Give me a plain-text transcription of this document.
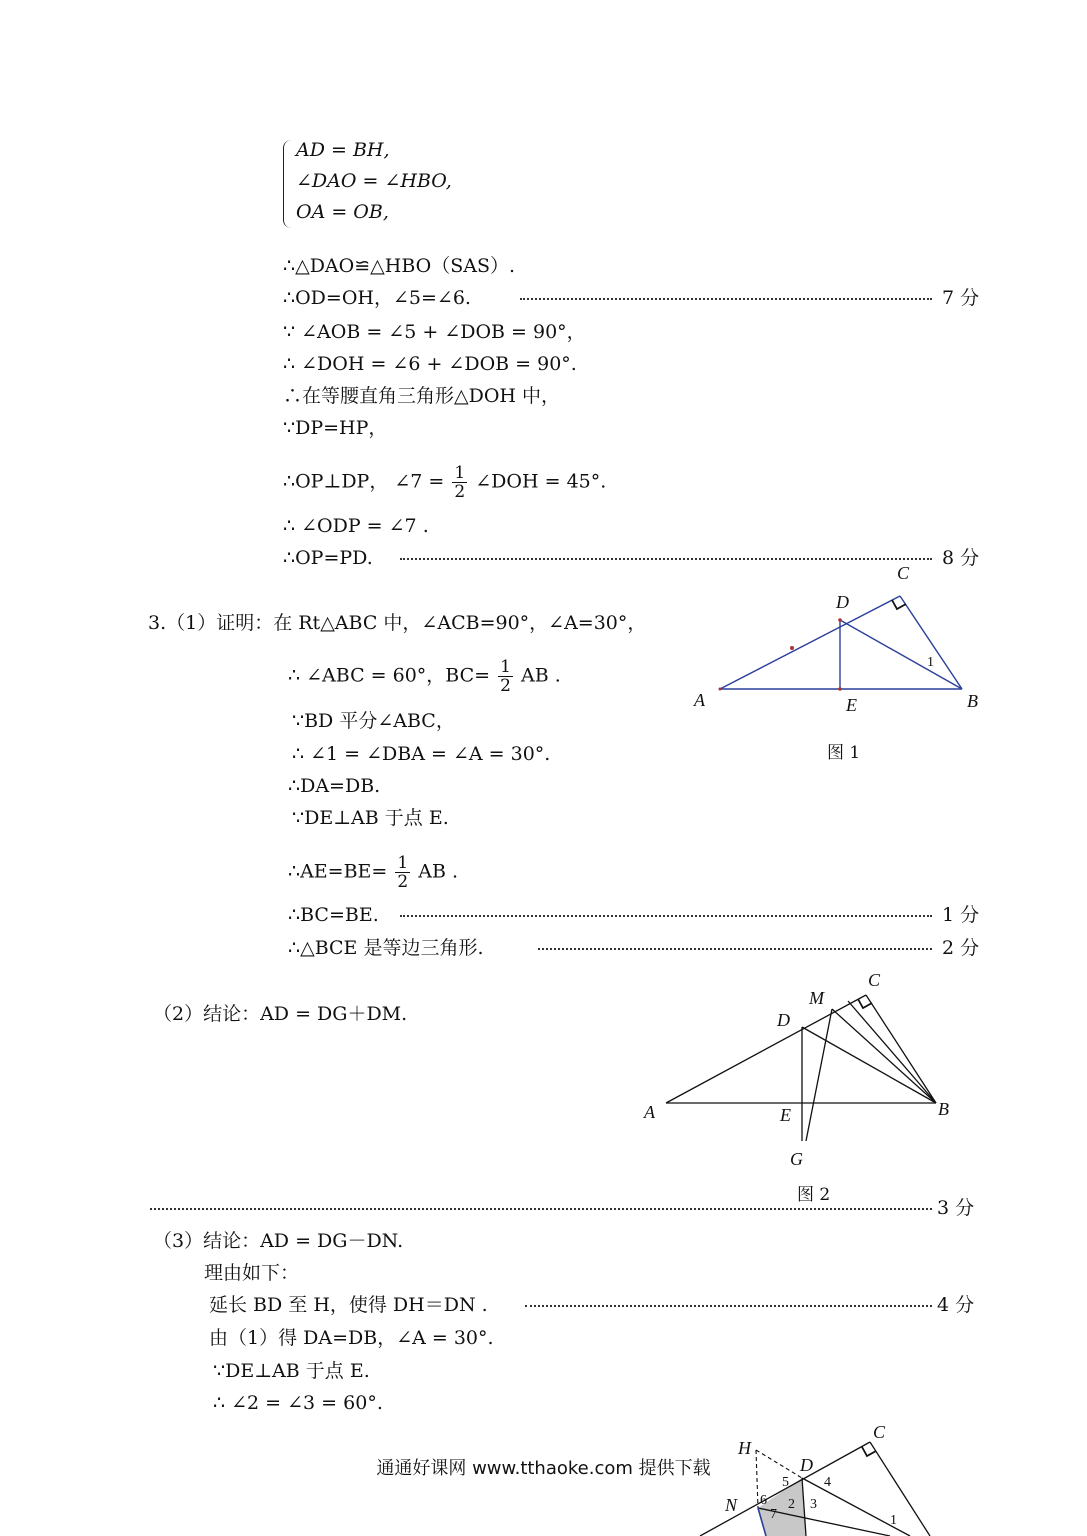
AD = BH,
∠DAO = ∠HBO,
OA = OB,
∴△DAO≌△HBO（SAS）.
∴OD=OH，∠5=∠6.	7 分
∵ ∠AOB = ∠5 + ∠DOB = 90°，
∴ ∠DOH = ∠6 + ∠DOB = 90°.
∴在等腰直角三角形△DOH 中，
∵DP=HP，
∴OP⊥DP， ∠7 = $\frac{1}{2}$ ∠DOH = 45°.
∴ ∠ODP = ∠7 .
∴OP=PD.	8 分
3.（1）证明：在 Rt△ABC 中，∠ACB=90°，∠A=30°，
∴ ∠ABC = 60°，$BC= \frac{1}{2}$ AB .
∵BD 平分∠ABC，
∴ ∠1 = ∠DBA = ∠A = 30°.
∴DA=DB.
∵DE⊥AB 于点 E.
∴AE=BE= $\frac{1}{2}$ AB .
∴BC=BE.	1 分
∴△BCE 是等边三角形.	2 分
A	B
C
D
E
1
图 1
（2）结论：AD = DG＋DM.
A	B
C
D
E
G
M
图 2
3 分
（3）结论：AD = DG－DN.
理由如下：
延长 BD 至 H，使得 DH＝DN .	4 分
由（1）得 DA=DB，∠A = 30°.
∵DE⊥AB 于点 E.
∴ ∠2 = ∠3 = 60°.
C
D
H
N
1
2 3
4
5
6
7
通通好课网 www.tthaoke.com 提供下载
